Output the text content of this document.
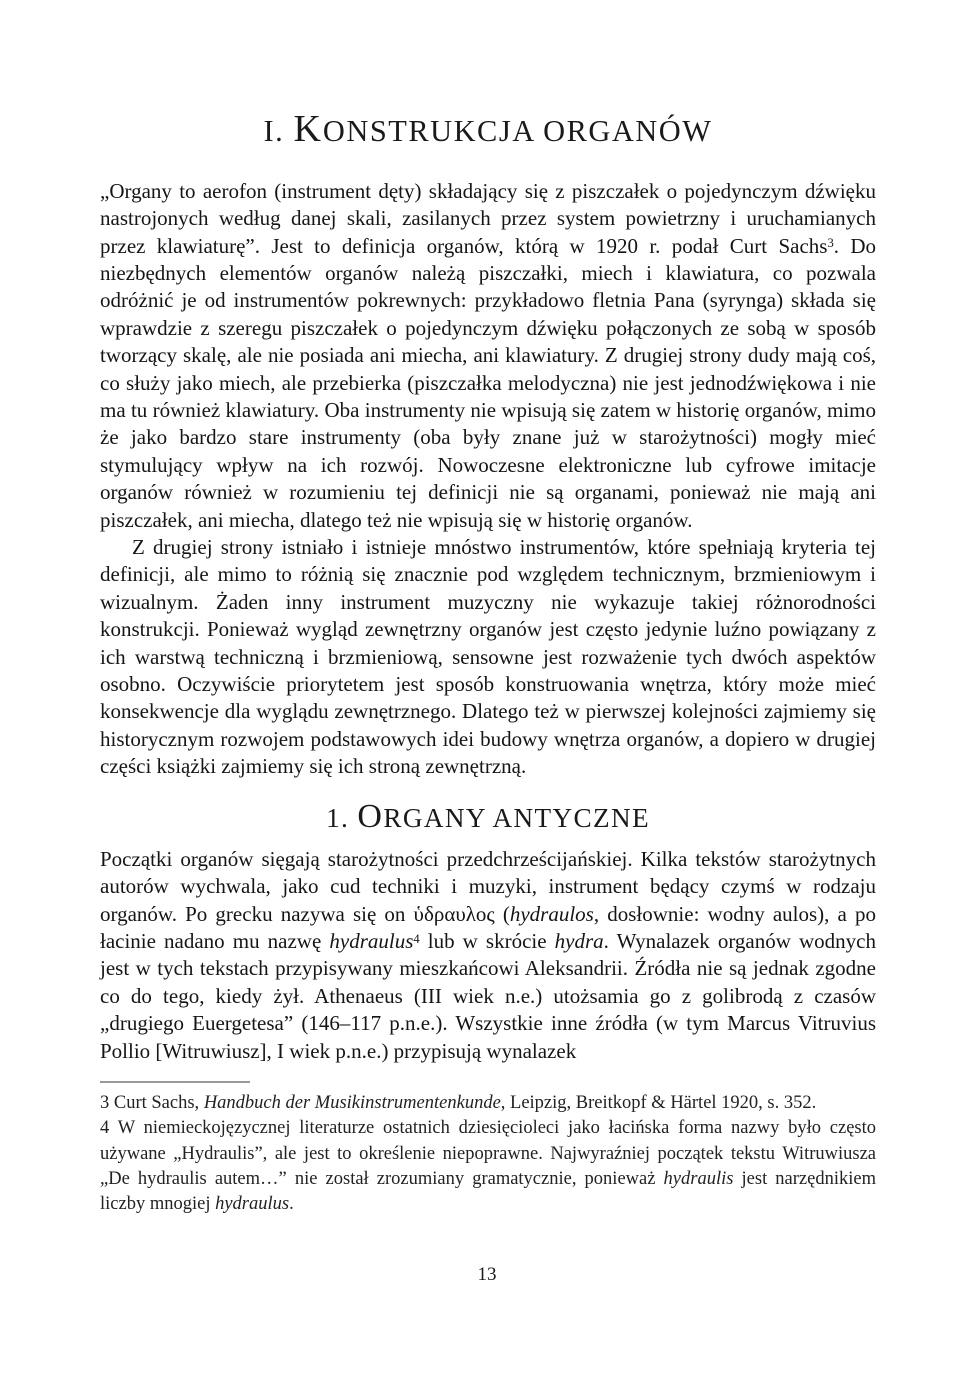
I. KONSTRUKCJA ORGANÓW

„Organy to aerofon (instrument dęty) składający się z piszczałek o pojedynczym dźwięku nastrojonych według danej skali, zasilanych przez system powietrzny i uruchamianych przez klawiaturę”. Jest to definicja organów, którą w 1920 r. podał Curt Sachs$^3$. Do niezbędnych elementów organów należą piszczałki, miech i klawiatura, co pozwala odróżnić je od instrumentów pokrewnych: przykładowo fletnia Pana (syrynga) składa się wprawdzie z szeregu piszczałek o pojedynczym dźwięku połączonych ze sobą w sposób tworzący skalę, ale nie posiada ani miecha, ani klawiatury. Z drugiej strony dudy mają coś, co służy jako miech, ale przebierka (piszczałka melodyczna) nie jest jednodźwiękowa i nie ma tu również klawiatury. Oba instrumenty nie wpisują się zatem w historię organów, mimo że jako bardzo stare instrumenty (oba były znane już w starożytności) mogły mieć stymulujący wpływ na ich rozwój. Nowoczesne elektroniczne lub cyfrowe imitacje organów również w rozumieniu tej definicji nie są organami, ponieważ nie mają ani piszczałek, ani miecha, dlatego też nie wpisują się w historię organów.

Z drugiej strony istniało i istnieje mnóstwo instrumentów, które spełniają kryteria tej definicji, ale mimo to różnią się znacznie pod względem technicznym, brzmieniowym i wizualnym. Żaden inny instrument muzyczny nie wykazuje takiej różnorodności konstrukcji. Ponieważ wygląd zewnętrzny organów jest często jedynie luźno powiązany z ich warstwą techniczną i brzmieniową, sensowne jest rozważenie tych dwóch aspektów osobno. Oczywiście priorytetem jest sposób konstruowania wnętrza, który może mieć konsekwencje dla wyglądu zewnętrznego. Dlatego też w pierwszej kolejności zajmiemy się historycznym rozwojem podstawowych idei budowy wnętrza organów, a dopiero w drugiej części książki zajmiemy się ich stroną zewnętrzną.

1. ORGANY ANTYCZNE

Początki organów sięgają starożytności przedchrześcijańskiej. Kilka tekstów starożytnych autorów wychwala, jako cud techniki i muzyki, instrument będący czymś w rodzaju organów. Po grecku nazywa się on ὑδραυλος (hydraulos, dosłownie: wodny aulos), a po łacinie nadano mu nazwę hydraulus$^4$ lub w skrócie hydra. Wynalazek organów wodnych jest w tych tekstach przypisywany mieszkańcowi Aleksandrii. Źródła nie są jednak zgodne co do tego, kiedy żył. Athenaeus (III wiek n.e.) utożsamia go z golibrodą z czasów „drugiego Euergetesa” (146–117 p.n.e.). Wszystkie inne źródła (w tym Marcus Vitruvius Pollio [Witruwiusz], I wiek p.n.e.) przypisują wynalazek

3 Curt Sachs, Handbuch der Musikinstrumentenkunde, Leipzig, Breitkopf & Härtel 1920, s. 352.

4 W niemieckojęzycznej literaturze ostatnich dziesięcioleci jako łacińska forma nazwy było często używane „Hydraulis”, ale jest to określenie niepoprawne. Najwyraźniej początek tekstu Witruwiusza „De hydraulis autem…” nie został zrozumiany gramatycznie, ponieważ hydraulis jest narzędnikiem liczby mnogiej hydraulus.

13
